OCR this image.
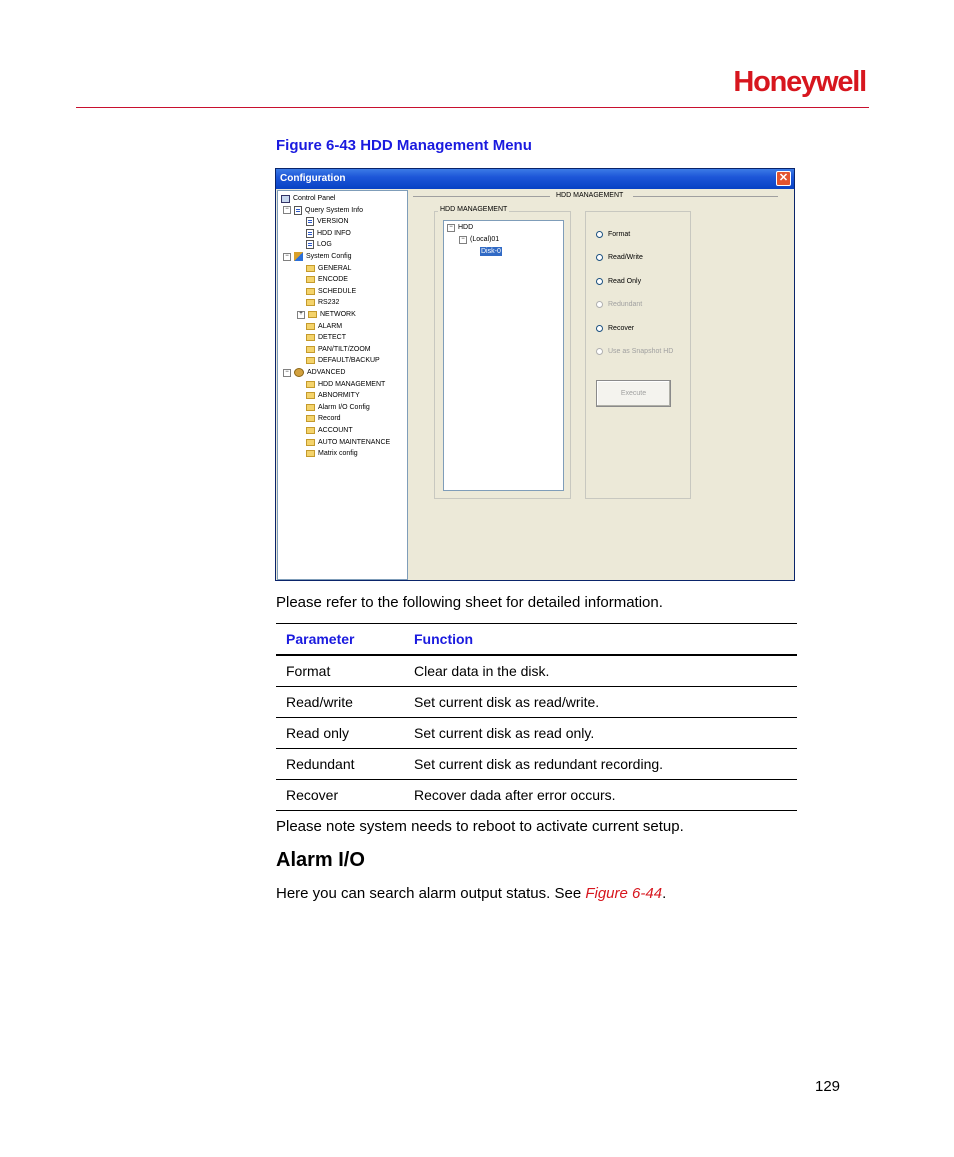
Honeywell
Figure 6-43 HDD Management Menu
Configuration	✕
Control Panel
−	Query System Info
VERSION
HDD INFO
LOG
−	System Config
GENERAL
ENCODE
SCHEDULE
RS232
+	NETWORK
ALARM
DETECT
PAN/TILT/ZOOM
DEFAULT/BACKUP
−	ADVANCED
HDD MANAGEMENT
ABNORMITY
Alarm I/O Config
Record
ACCOUNT
AUTO MAINTENANCE
Matrix config
HDD MANAGEMENT
HDD MANAGEMENT
− HDD
− (Local)01
Disk-0
Format
Read/Write
Read Only
Redundant
Recover
Use as Snapshot HD
Execute
Please refer to the following sheet for detailed information.
Parameter	Function
Format	Clear data in the disk.
Read/write	Set current disk as read/write.
Read only	Set current disk as read only.
Redundant	Set current disk as redundant recording.
Recover	Recover dada after error occurs.
Please note system needs to reboot to activate current setup.
Alarm I/O
Here you can search alarm output status. See Figure 6-44.
129
